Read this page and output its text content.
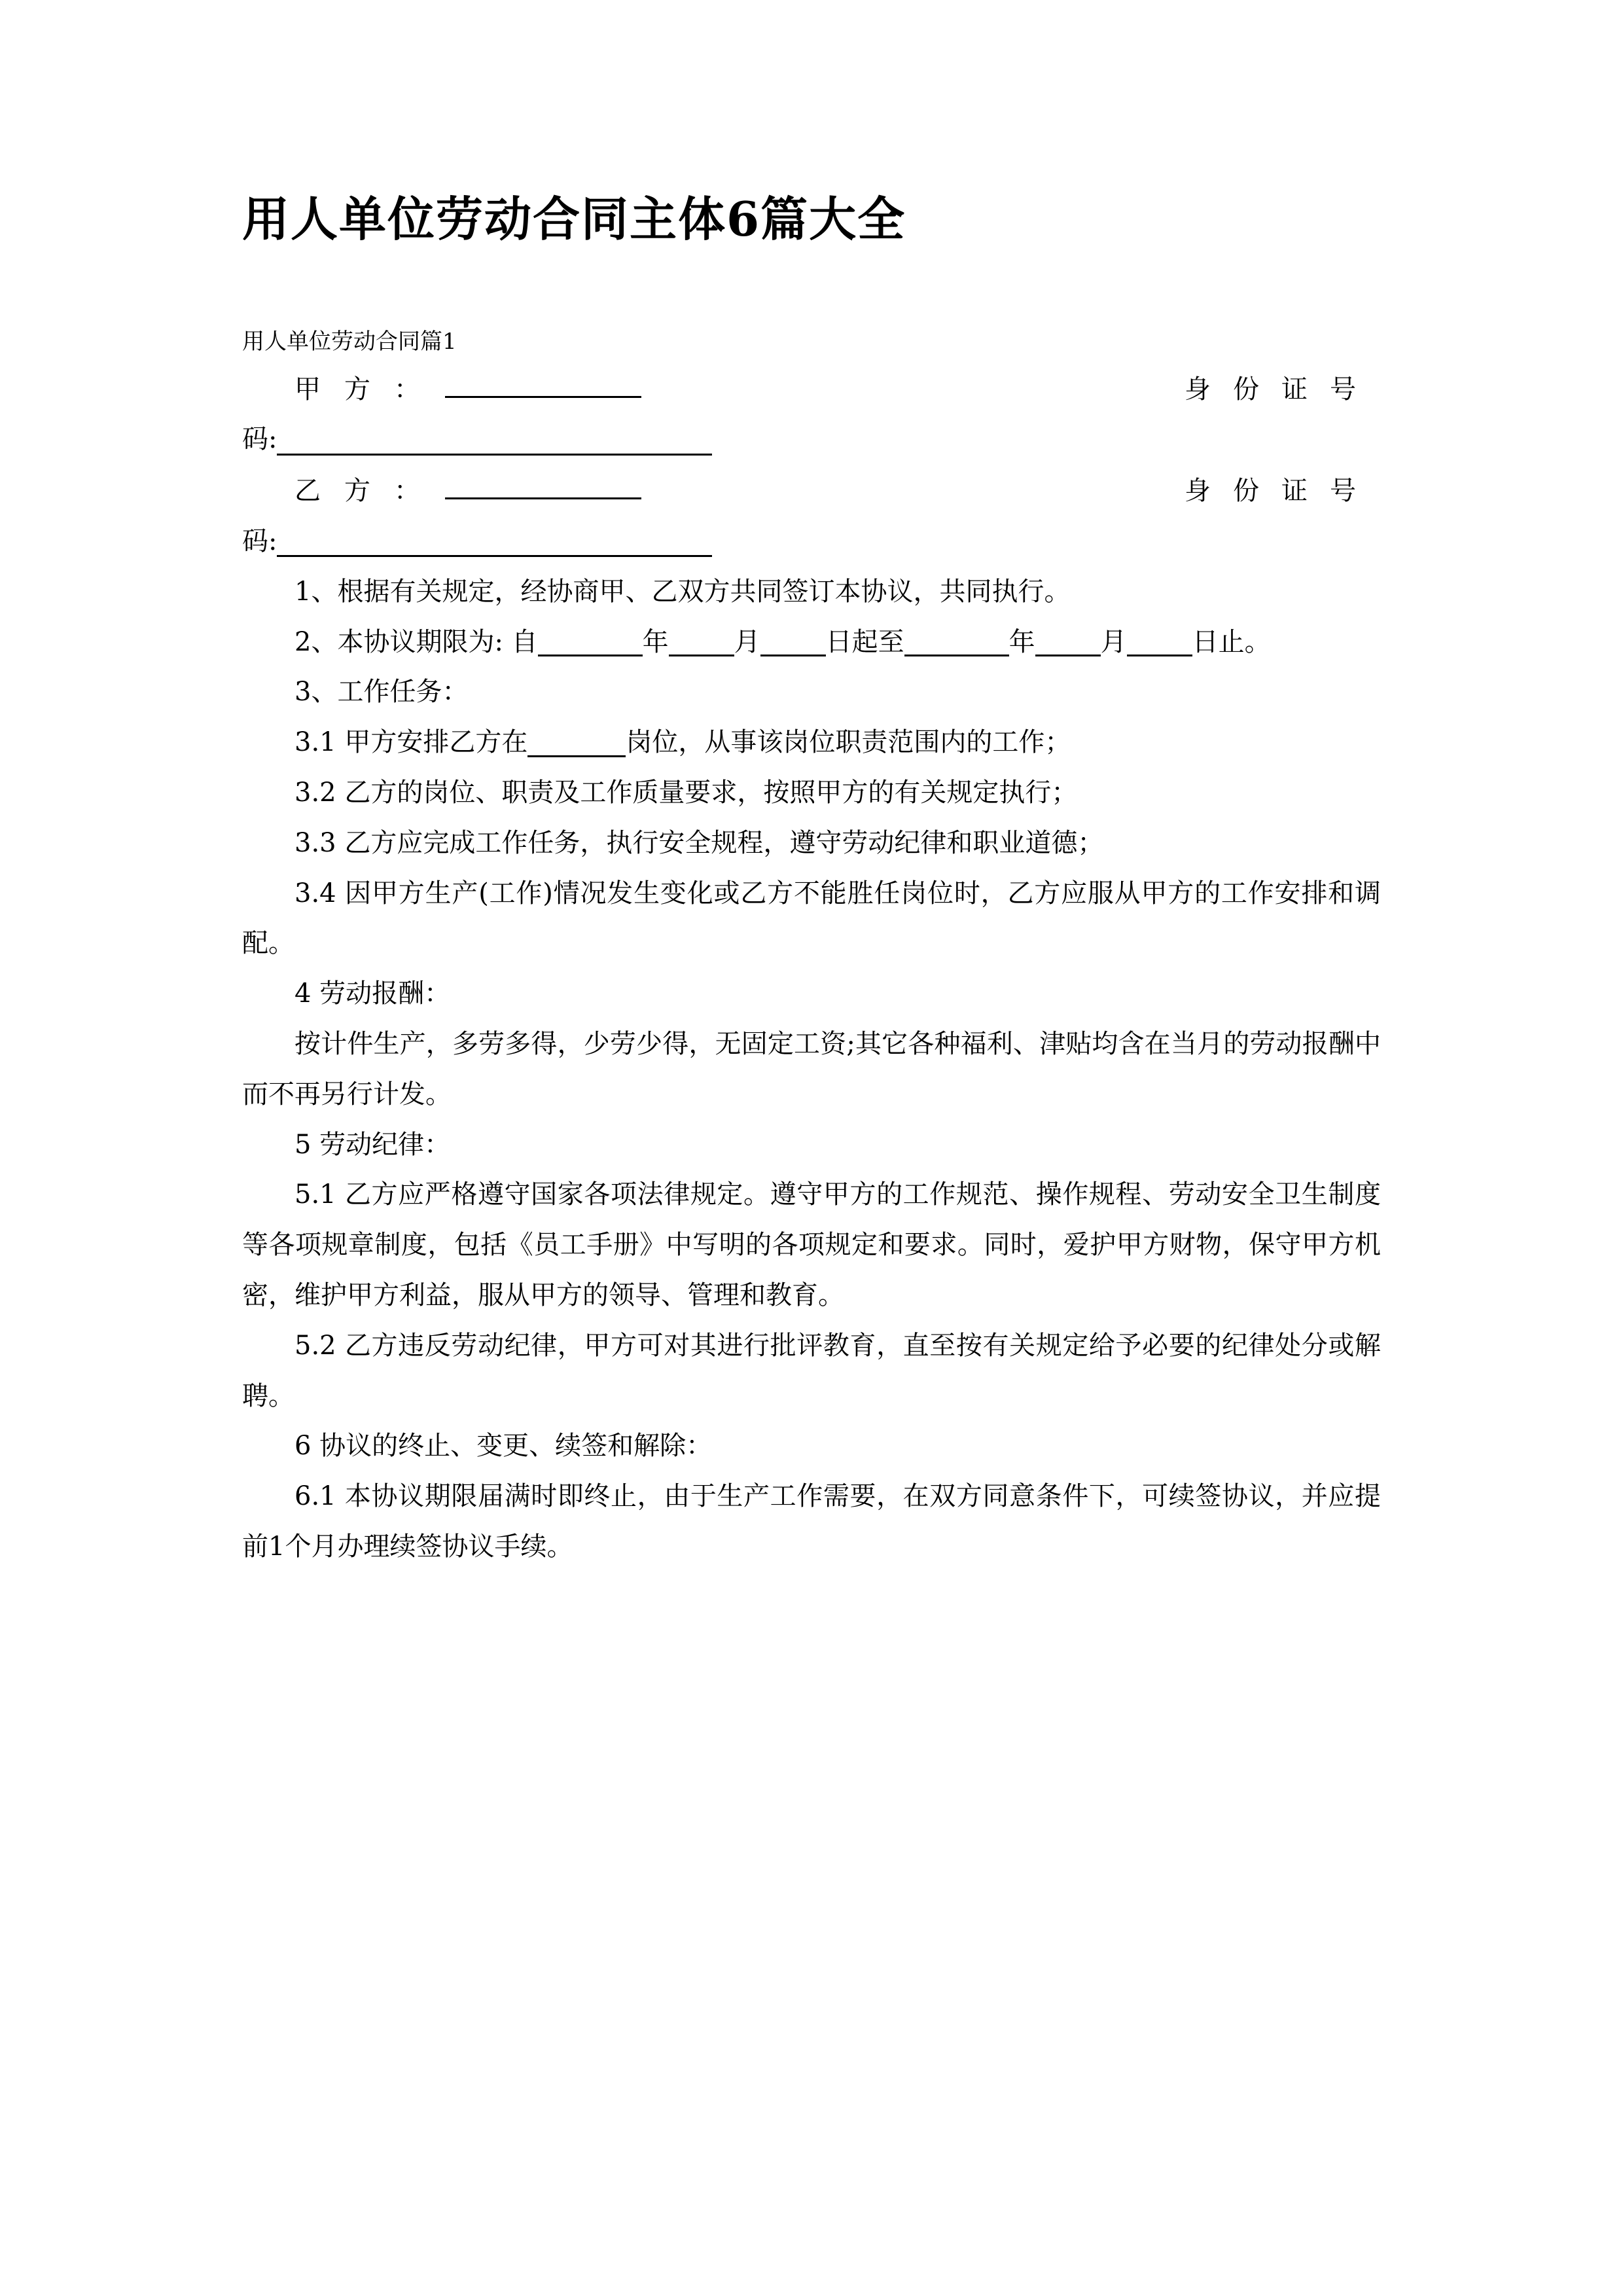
用人单位劳动合同主体6篇大全

用人单位劳动合同篇1

甲方 ：	身份证号
码:
乙方 ：	身份证号
码:

1、根据有关规定，经协商甲、乙双方共同签订本协议，共同执行。

2、本协议期限为: 自	年	月	日起至	年	月	日止。

3、工作任务：

3.1 甲方安排乙方在	岗位，从事该岗位职责范围内的工作；

3.2 乙方的岗位、职责及工作质量要求，按照甲方的有关规定执行；

3.3 乙方应完成工作任务，执行安全规程，遵守劳动纪律和职业道德；

3.4 因甲方生产(工作)情况发生变化或乙方不能胜任岗位时，乙方应服从甲方的工作安排和调配。

4 劳动报酬：

按计件生产，多劳多得，少劳少得，无固定工资;其它各种福利、津贴均含在当月的劳动报酬中而不再另行计发。

5 劳动纪律：

5.1 乙方应严格遵守国家各项法律规定。遵守甲方的工作规范、操作规程、劳动安全卫生制度等各项规章制度，包括《员工手册》中写明的各项规定和要求。同时，爱护甲方财物，保守甲方机密，维护甲方利益，服从甲方的领导、管理和教育。

5.2 乙方违反劳动纪律，甲方可对其进行批评教育，直至按有关规定给予必要的纪律处分或解聘。

6 协议的终止、变更、续签和解除：

6.1 本协议期限届满时即终止，由于生产工作需要，在双方同意条件下，可续签协议，并应提前1个月办理续签协议手续。
